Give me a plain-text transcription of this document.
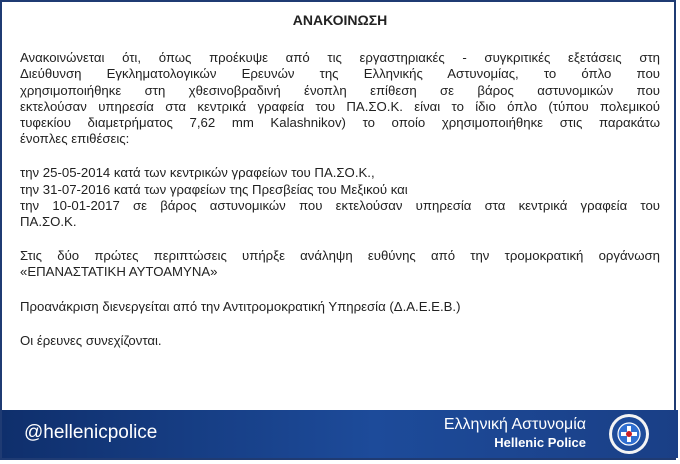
ΑΝΑΚΟΙΝΩΣΗ
Ανακοινώνεται ότι, όπως προέκυψε από τις εργαστηριακές - συγκριτικές εξετάσεις στη
Διεύθυνση Εγκληματολογικών Ερευνών της Ελληνικής Αστυνομίας, το όπλο που
χρησιμοποιήθηκε στη χθεσινοβραδινή ένοπλη επίθεση σε βάρος αστυνομικών που
εκτελούσαν υπηρεσία στα κεντρικά γραφεία του ΠΑ.ΣΟ.Κ. είναι το ίδιο όπλο (τύπου πολεμικού
τυφεκίου διαμετρήματος 7,62 mm Kalashnikov) το οποίο χρησιμοποιήθηκε στις παρακάτω
ένοπλες επιθέσεις:
την 25-05-2014 κατά των κεντρικών γραφείων του ΠΑ.ΣΟ.Κ.,
την 31-07-2016 κατά των γραφείων της Πρεσβείας του Μεξικού και
την 10-01-2017 σε βάρος αστυνομικών που εκτελούσαν υπηρεσία στα κεντρικά γραφεία του
ΠΑ.ΣΟ.Κ.
Στις δύο πρώτες περιπτώσεις υπήρξε ανάληψη ευθύνης από την τρομοκρατική οργάνωση
«ΕΠΑΝΑΣΤΑΤΙΚΗ ΑΥΤΟΑΜΥΝΑ»
Προανάκριση διενεργείται από την Αντιτρομοκρατική Υπηρεσία (Δ.Α.Ε.Ε.Β.)
Οι έρευνες συνεχίζονται.
@hellenicpolice	Ελληνική Αστυνομία
Hellenic Police
